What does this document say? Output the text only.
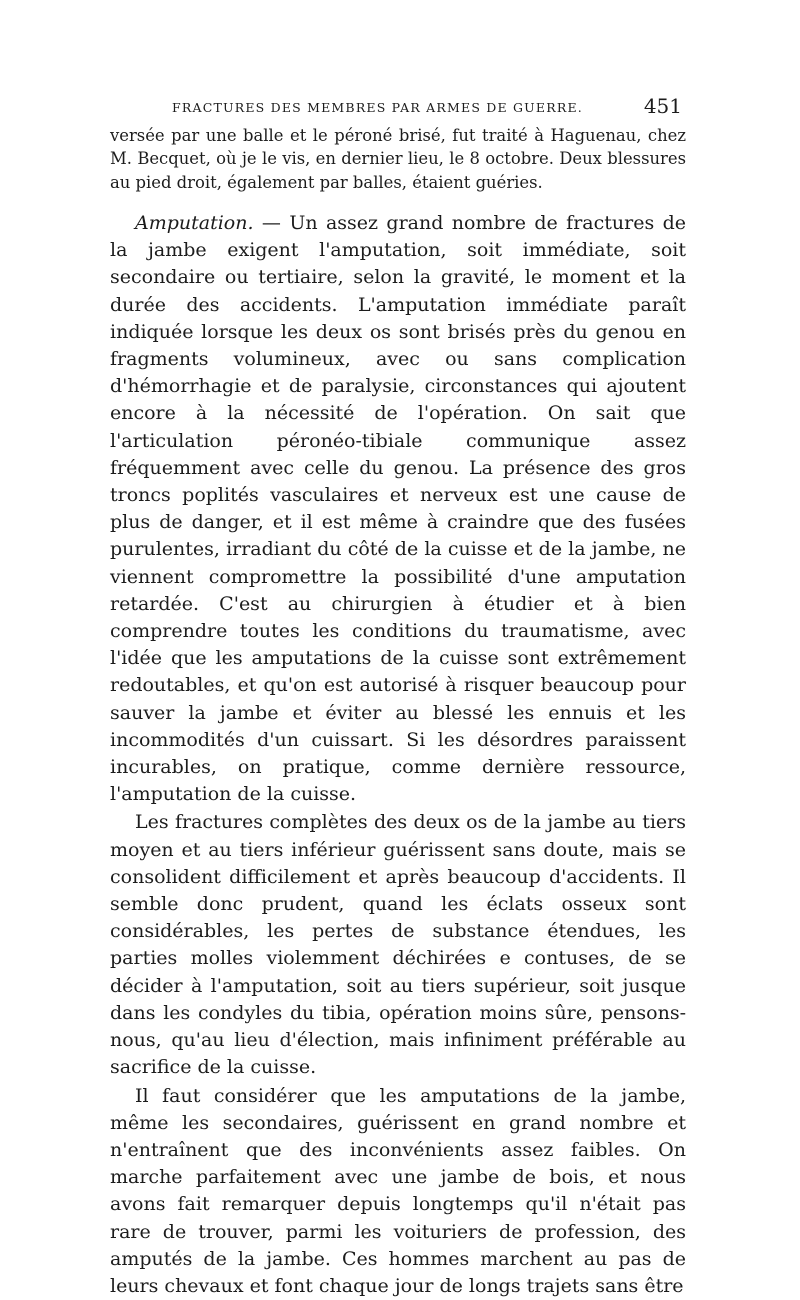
FRACTURES DES MEMBRES PAR ARMES DE GUERRE.	451

versée par une balle et le péroné brisé, fut traité à Haguenau, chez M. Becquet, où je le vis, en dernier lieu, le 8 octobre. Deux blessures au pied droit, également par balles, étaient guéries.

Amputation. — Un assez grand nombre de fractures de la jambe exigent l'amputation, soit immédiate, soit secondaire ou tertiaire, selon la gravité, le moment et la durée des accidents. L'amputation immédiate paraît indiquée lorsque les deux os sont brisés près du genou en fragments volumineux, avec ou sans complication d'hémorrhagie et de paralysie, circonstances qui ajoutent encore à la nécessité de l'opération. On sait que l'articulation péronéo-tibiale communique assez fréquemment avec celle du genou. La présence des gros troncs poplités vasculaires et nerveux est une cause de plus de danger, et il est même à craindre que des fusées purulentes, irradiant du côté de la cuisse et de la jambe, ne viennent compromettre la possibilité d'une amputation retardée. C'est au chirurgien à étudier et à bien comprendre toutes les conditions du traumatisme, avec l'idée que les amputations de la cuisse sont extrêmement redoutables, et qu'on est autorisé à risquer beaucoup pour sauver la jambe et éviter au blessé les ennuis et les incommodités d'un cuissart. Si les désordres paraissent incurables, on pratique, comme dernière ressource, l'amputation de la cuisse.

Les fractures complètes des deux os de la jambe au tiers moyen et au tiers inférieur guérissent sans doute, mais se consolident difficilement et après beaucoup d'accidents. Il semble donc prudent, quand les éclats osseux sont considérables, les pertes de substance étendues, les parties molles violemment déchirées e contuses, de se décider à l'amputation, soit au tiers supérieur, soit jusque dans les condyles du tibia, opération moins sûre, pensons-nous, qu'au lieu d'élection, mais infiniment préférable au sacrifice de la cuisse.

Il faut considérer que les amputations de la jambe, même les secondaires, guérissent en grand nombre et n'entraînent que des inconvénients assez faibles. On marche parfaitement avec une jambe de bois, et nous avons fait remarquer depuis longtemps qu'il n'était pas rare de trouver, parmi les voituriers de profession, des amputés de la jambe. Ces hommes marchent au pas de leurs chevaux et font chaque jour de longs trajets sans être
